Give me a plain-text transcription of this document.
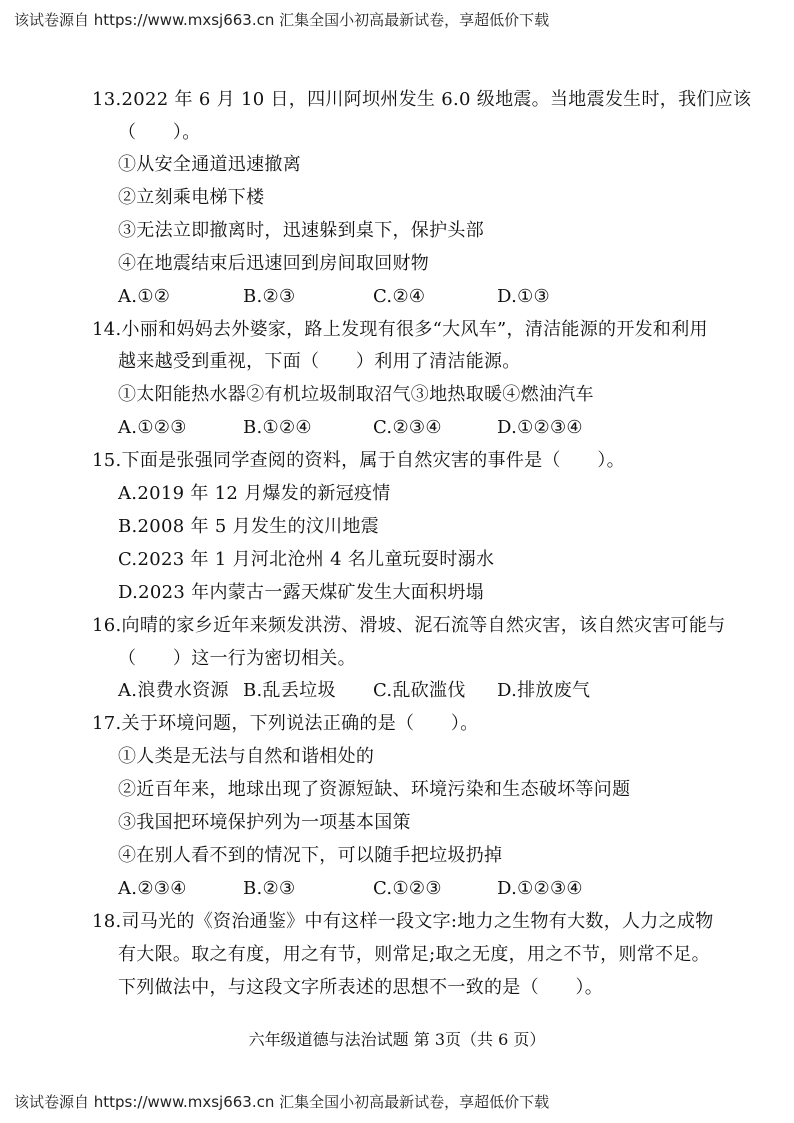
该试卷源自 https://www.mxsj663.cn 汇集全国小初高最新试卷，享超低价下载
13.2022 年 6 月 10 日，四川阿坝州发生 6.0 级地震。当地震发生时，我们应该
（　　）。
①从安全通道迅速撤离
②立刻乘电梯下楼
③无法立即撤离时，迅速躲到桌下，保护头部
④在地震结束后迅速回到房间取回财物
A.①②	B.②③	C.②④	D.①③
14.小丽和妈妈去外婆家，路上发现有很多“大风车”，清洁能源的开发和利用
越来越受到重视，下面（　　）利用了清洁能源。
①太阳能热水器②有机垃圾制取沼气③地热取暖④燃油汽车
A.①②③	B.①②④	C.②③④	D.①②③④
15.下面是张强同学查阅的资料，属于自然灾害的事件是（　　）。
A.2019 年 12 月爆发的新冠疫情
B.2008 年 5 月发生的汶川地震
C.2023 年 1 月河北沧州 4 名儿童玩耍时溺水
D.2023 年内蒙古一露天煤矿发生大面积坍塌
16.向晴的家乡近年来频发洪涝、滑坡、泥石流等自然灾害，该自然灾害可能与
（　　）这一行为密切相关。
A.浪费水资源 B.乱丢垃圾 C.乱砍滥伐 D.排放废气
17.关于环境问题，下列说法正确的是（　　）。
①人类是无法与自然和谐相处的
②近百年来，地球出现了资源短缺、环境污染和生态破坏等问题
③我国把环境保护列为一项基本国策
④在别人看不到的情况下，可以随手把垃圾扔掉
A.②③④	B.②③	C.①②③	D.①②③④
18.司马光的《资治通鉴》中有这样一段文字:地力之生物有大数，人力之成物
有大限。取之有度，用之有节，则常足;取之无度，用之不节，则常不足。
下列做法中，与这段文字所表述的思想不一致的是（　　）。
六年级道德与法治试题 第 3页（共 6 页）
该试卷源自 https://www.mxsj663.cn 汇集全国小初高最新试卷，享超低价下载
